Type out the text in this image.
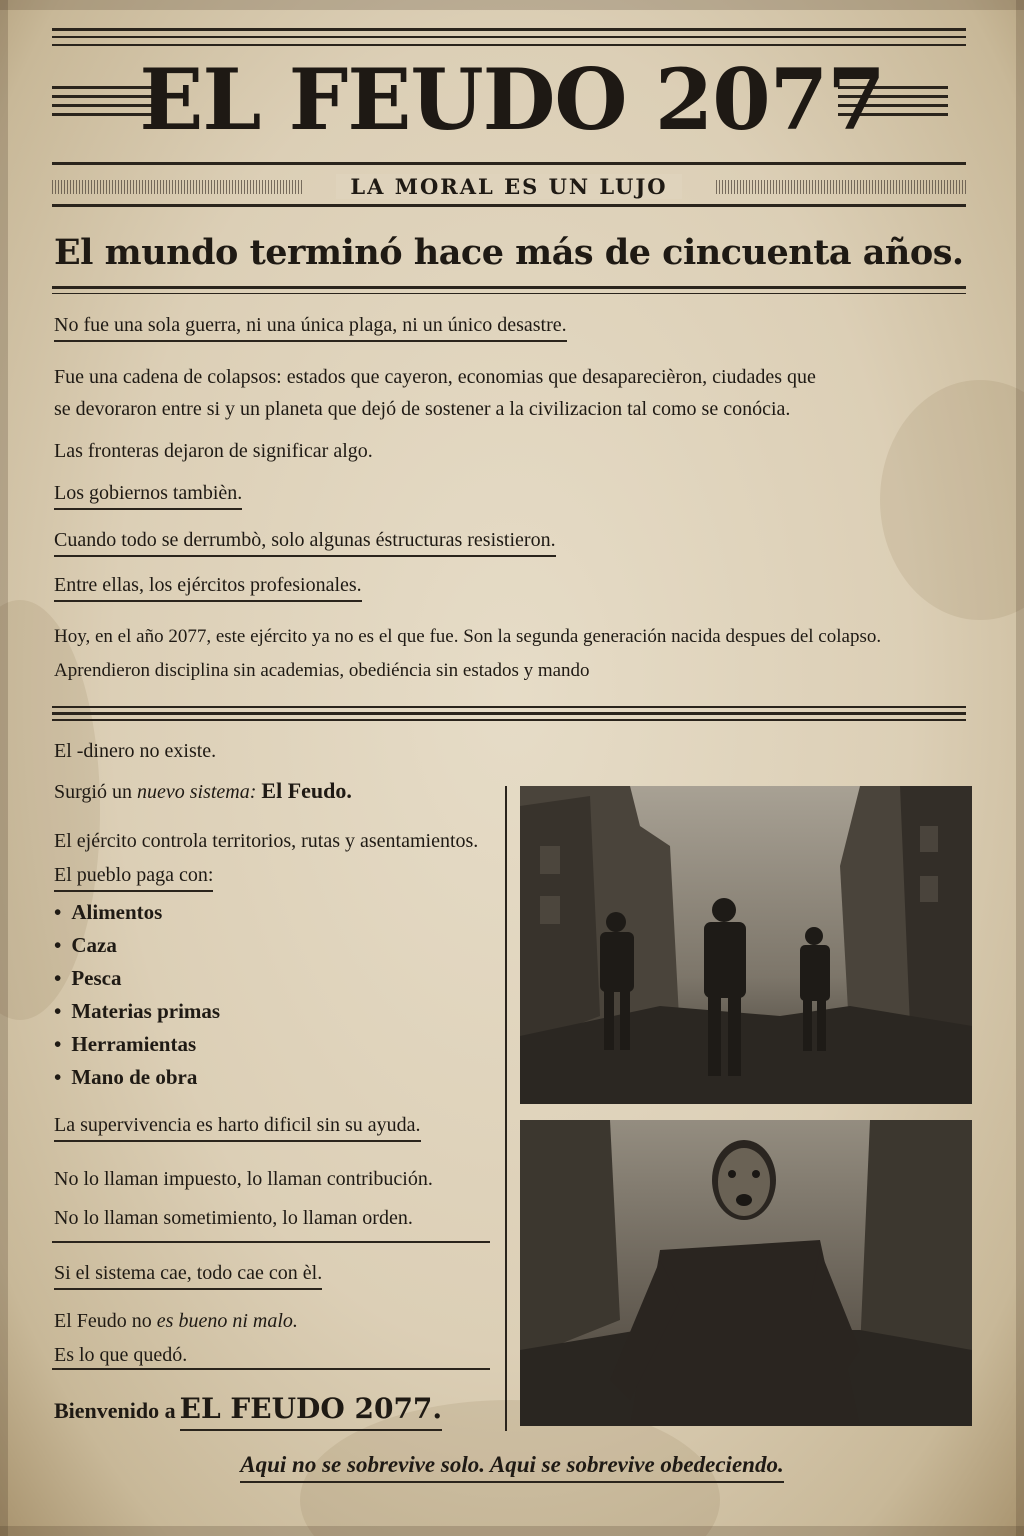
EL FEUDO 2077
LA MORAL ES UN LUJO
El mundo terminó hace más de cincuenta años.
No fue una sola guerra, ni una única plaga, ni un único desastre.
Fue una cadena de colapsos: estados que cayeron, economias que desaparecièron, ciudades que
se devoraron entre si y un planeta que dejó de sostener a la civilizacion tal como se conócia.
Las fronteras dejaron de significar algo.
Los gobiernos tambièn.
Cuando todo se derrumbò, solo algunas éstructuras resistieron.
Entre ellas, los ejércitos profesionales.
Hoy, en el año 2077, este ejército ya no es el que fue. Son la segunda generación nacida despues del colapso.
Aprendieron disciplina sin academias, obediéncia sin estados y mando
El -dinero no existe.
Surgió un nuevo sistema: El Feudo.
El ejército controla territorios, rutas y asentamientos.
El pueblo paga con:
• Alimentos
• Caza
• Pesca
• Materias primas
• Herramientas
• Mano de obra
La supervivencia es harto dificil sin su ayuda.
No lo llaman impuesto, lo llaman contribución.
No lo llaman sometimiento, lo llaman orden.
Si el sistema cae, todo cae con èl.
El Feudo no es bueno ni malo.
Es lo que quedó.
Bienvenido a EL FEUDO 2077.
Aqui no se sobrevive solo. Aqui se sobrevive obedeciendo.
